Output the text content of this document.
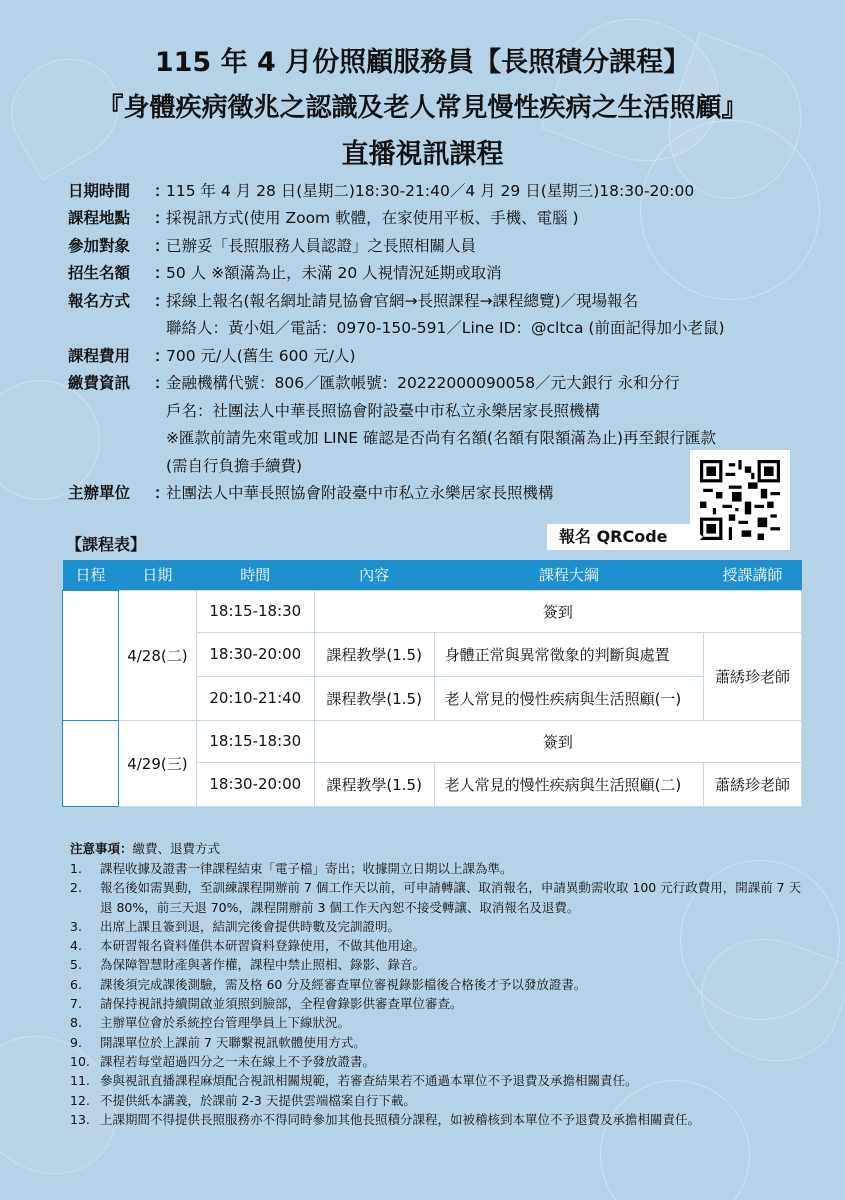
115 年 4 月份照顧服務員【長照積分課程】
『身體疾病徵兆之認識及老人常見慢性疾病之生活照顧』
直播視訊課程
日期時間	：
115 年 4 月 28 日(星期二)18:30-21:40／4 月 29 日(星期三)18:30-20:00
課程地點	：
採視訊方式(使用 Zoom 軟體，在家使用平板、手機、電腦 )
參加對象	：
已辦妥「長照服務人員認證」之長照相關人員
招生名額	：
50 人 ※額滿為止，未滿 20 人視情況延期或取消
報名方式	：
採線上報名(報名網址請見協會官網→長照課程→課程總覽)／現場報名
聯絡人：黃小姐／電話：0970-150-591／Line ID：@cltca (前面記得加小老鼠)
課程費用	：
700 元/人(舊生 600 元/人)
繳費資訊	：
金融機構代號：806／匯款帳號：20222000090058／元大銀行 永和分行
戶名：社團法人中華長照協會附設臺中市私立永樂居家長照機構
※匯款前請先來電或加 LINE 確認是否尚有名額(名額有限額滿為止)再至銀行匯款
(需自行負擔手續費)
主辦單位	：
社團法人中華長照協會附設臺中市私立永樂居家長照機構
報名 QRCode
【課程表】
日程	日期	時間	內容	課程大綱	授課講師
1 天	4/28(二)	18:15-18:30	簽到		
		18:30-20:00	課程教學(1.5)	身體正常與異常徵象的判斷與處置	蕭綉珍老師
		20:10-21:40	課程教學(1.5)	老人常見的慢性疾病與生活照顧(一)	
2 天	4/29(三)	18:15-18:30	簽到		
		18:30-20:00	課程教學(1.5)	老人常見的慢性疾病與生活照顧(二)	蕭綉珍老師
注意事項：繳費、退費方式
1.	課程收據及證書一律課程結束「電子檔」寄出；收據開立日期以上課為準。
2.	報名後如需異動，至訓練課程開辦前 7 個工作天以前，可申請轉讓、取消報名，申請異動需收取 100 元行政費用，開課前 7 天退 80%，前三天退 70%，課程開辦前 3 個工作天內恕不接受轉讓、取消報名及退費。
3.	出席上課且簽到退，結訓完後會提供時數及完訓證明。
4.	本研習報名資料僅供本研習資料登錄使用，不做其他用途。
5.	為保障智慧財產與著作權，課程中禁止照相、錄影、錄音。
6.	課後須完成課後測驗，需及格 60 分及經審查單位審視錄影檔後合格後才予以發放證書。
7.	請保持視訊持續開啟並須照到臉部，全程會錄影供審查單位審查。
8.	主辦單位會於系統控台管理學員上下線狀況。
9.	開課單位於上課前 7 天聯繫視訊軟體使用方式。
10. 課程若每堂超過四分之一未在線上不予發放證書。
11. 參與視訊直播課程麻煩配合視訊相關規範，若審查結果若不通過本單位不予退費及承擔相關責任。
12. 不提供紙本講義，於課前 2-3 天提供雲端檔案自行下載。
13. 上課期間不得提供長照服務亦不得同時參加其他長照積分課程，如被稽核到本單位不予退費及承擔相關責任。
